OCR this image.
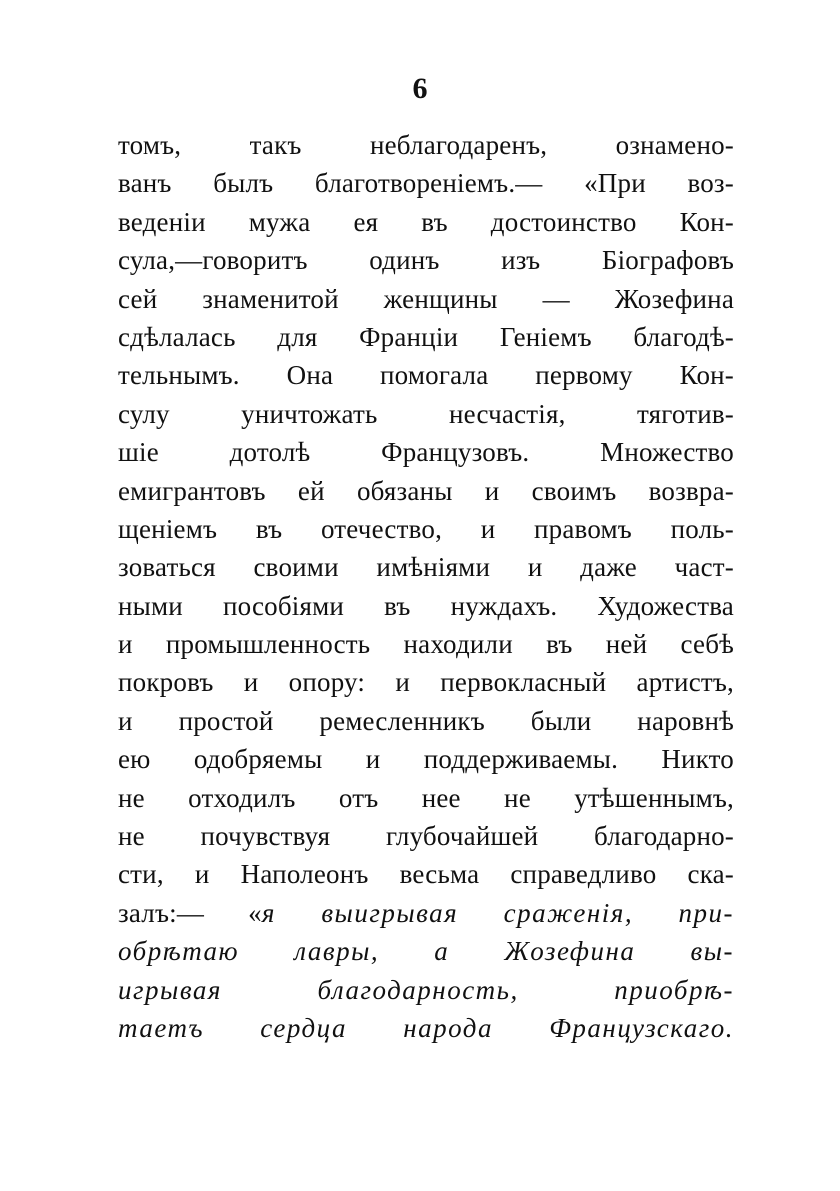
6
томъ, такъ неблагодаренъ, ознамено-
ванъ былъ благотвореніемъ.— «При воз-
веденіи мужа ея въ достоинство Кон-
сула,—говоритъ одинъ изъ Біографовъ
сей знаменитой женщины — Жозефина
сдѣлалась для Франціи Геніемъ благодѣ-
тельнымъ. Она помогала первому Кон-
сулу уничтожать несчастія, тяготив-
шіе дотолѣ Французовъ. Множество
емигрантовъ ей обязаны и своимъ возвра-
щеніемъ въ отечество, и правомъ поль-
зоваться своими имѣніями и даже част-
ными пособіями въ нуждахъ. Художества
и промышленность находили въ ней себѣ
покровъ и опору: и первокласный артистъ,
и простой ремесленникъ были наровнѣ
ею одобряемы и поддерживаемы. Никто
не отходилъ отъ нее не утѣшеннымъ,
не почувствуя глубочайшей благодарно-
сти, и Наполеонъ весьма справедливо ска-
залъ:— «я выигрывая сраженія, при-
обрѣтаю лавры, а Жозефина вы-
игрывая благодарность, приобрѣ-
таетъ сердца народа Французскаго.
